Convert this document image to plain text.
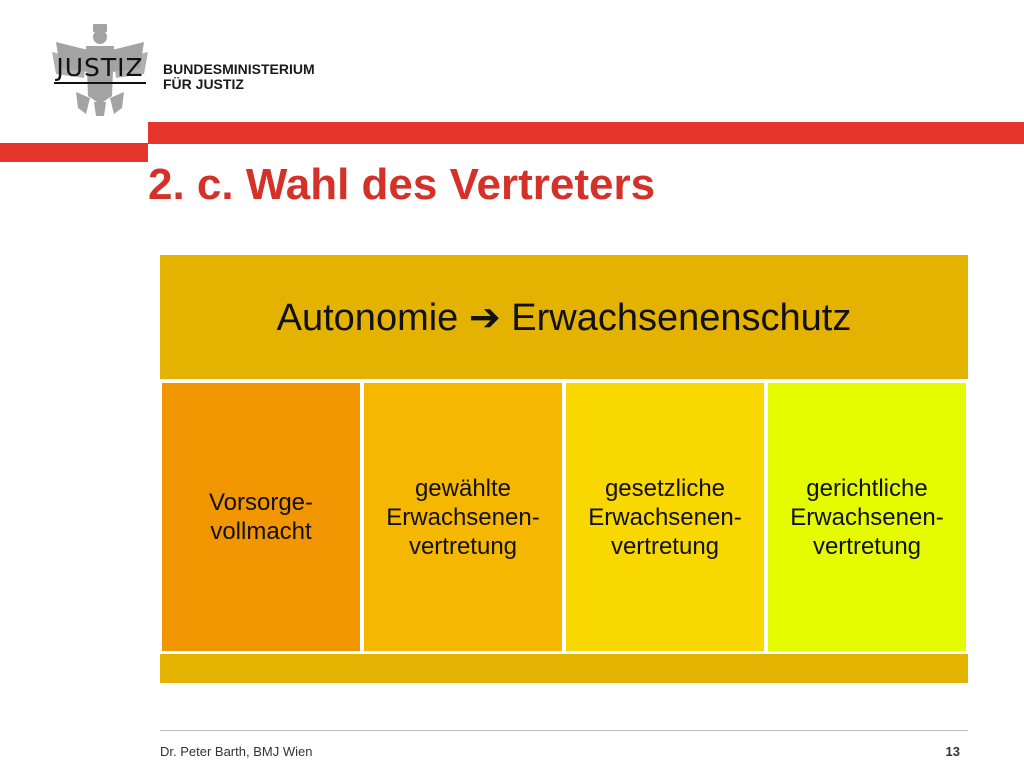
JUSTIZ BUNDESMINISTERIUM
FÜR JUSTIZ
2. c. Wahl des Vertreters
Autonomie ➔ Erwachsenenschutz
Vorsorge-
vollmacht
gewählte
Erwachsenen-
vertretung
gesetzliche
Erwachsenen-
vertretung
gerichtliche
Erwachsenen-
vertretung
Dr. Peter Barth, BMJ Wien	13
